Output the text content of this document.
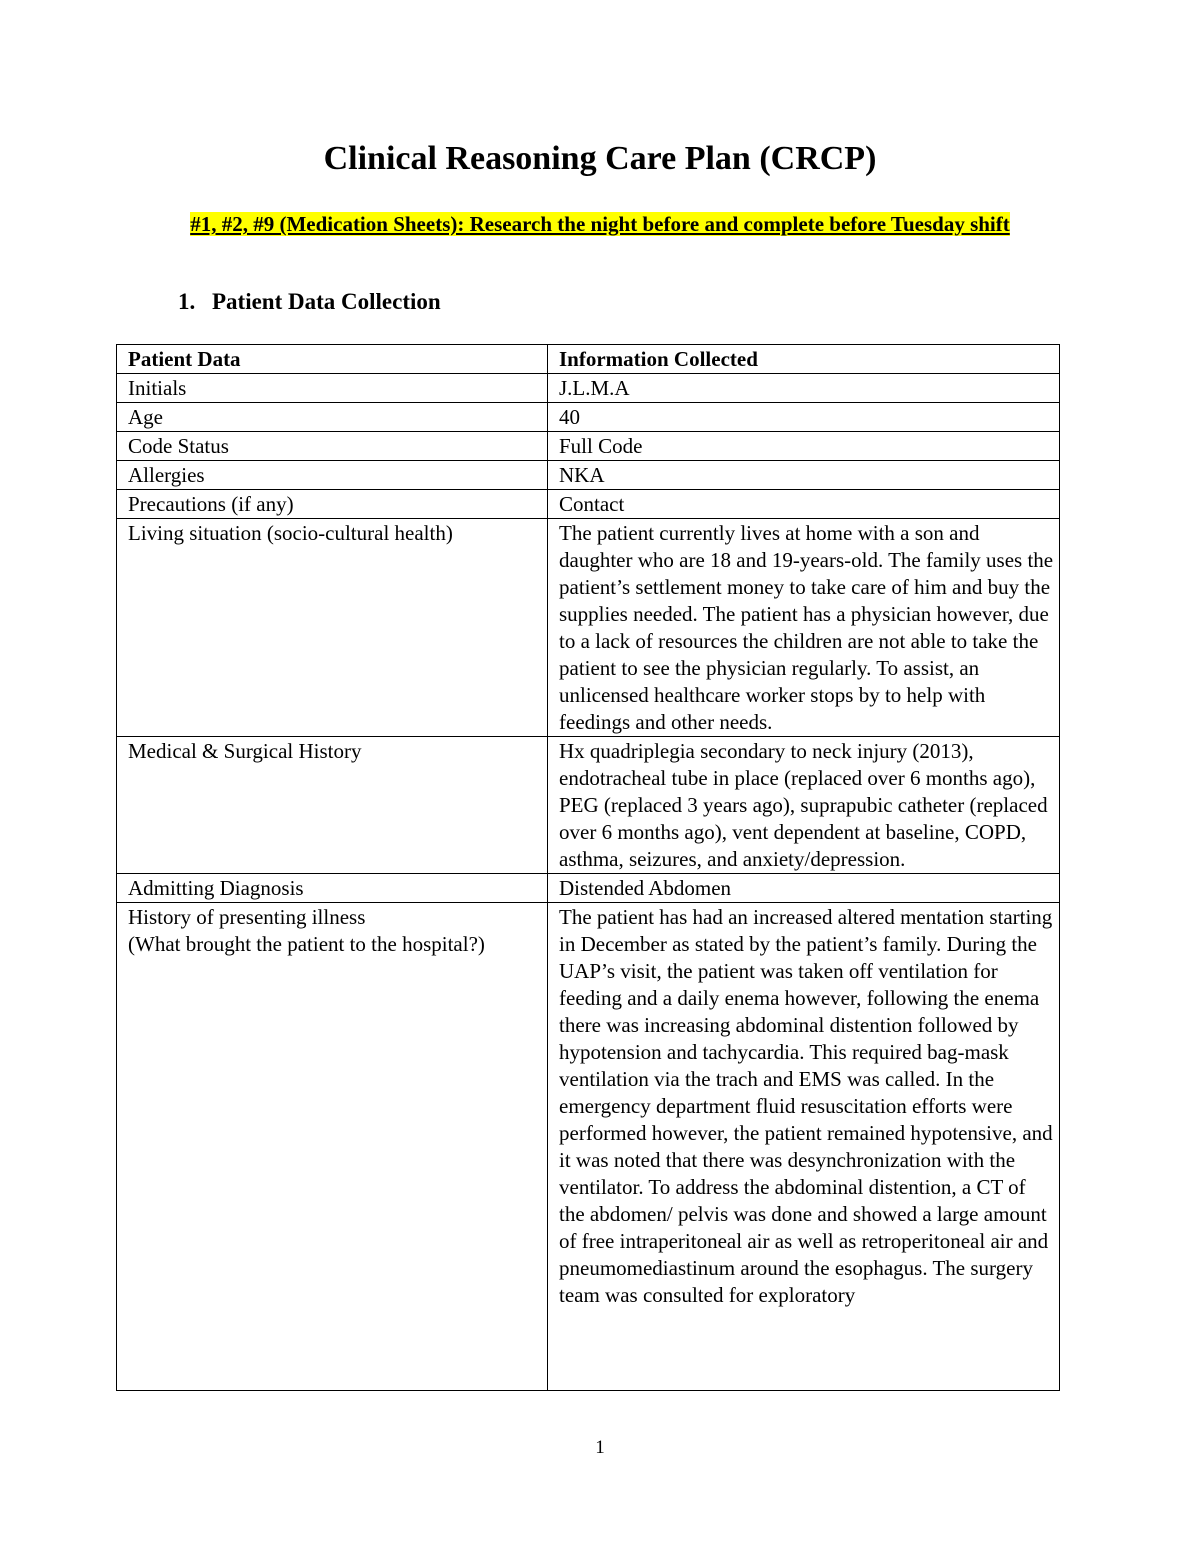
Clinical Reasoning Care Plan (CRCP)

#1, #2, #9 (Medication Sheets): Research the night before and complete before Tuesday shift

1. Patient Data Collection
Patient Data	Information Collected
Initials	J.L.M.A
Age	40
Code Status	Full Code
Allergies	NKA
Precautions (if any)	Contact
Living situation (socio-cultural health)	The patient currently lives at home with a son and daughter who are 18 and 19-years-old. The family uses the patient’s settlement money to take care of him and buy the supplies needed. The patient has a physician however, due to a lack of resources the children are not able to take the patient to see the physician regularly. To assist, an unlicensed healthcare worker stops by to help with feedings and other needs.
Medical & Surgical History	Hx quadriplegia secondary to neck injury (2013), endotracheal tube in place (replaced over 6 months ago), PEG (replaced 3 years ago), suprapubic catheter (replaced over 6 months ago), vent dependent at baseline, COPD, asthma, seizures, and anxiety/depression.
Admitting Diagnosis	Distended Abdomen

History of presenting illness
(What brought the patient to the hospital?)	The patient has had an increased altered mentation starting in December as stated by the patient’s family. During the UAP’s visit, the patient was taken off ventilation for feeding and a daily enema however, following the enema there was increasing abdominal distention followed by hypotension and tachycardia. This required bag-mask ventilation via the trach and EMS was called. In the emergency department fluid resuscitation efforts were performed however, the patient remained hypotensive, and it was noted that there was desynchronization with the ventilator. To address the abdominal distention, a CT of the abdomen/ pelvis was done and showed a large amount of free intraperitoneal air as well as retroperitoneal air and pneumomediastinum around the esophagus. The surgery team was consulted for exploratory

1
